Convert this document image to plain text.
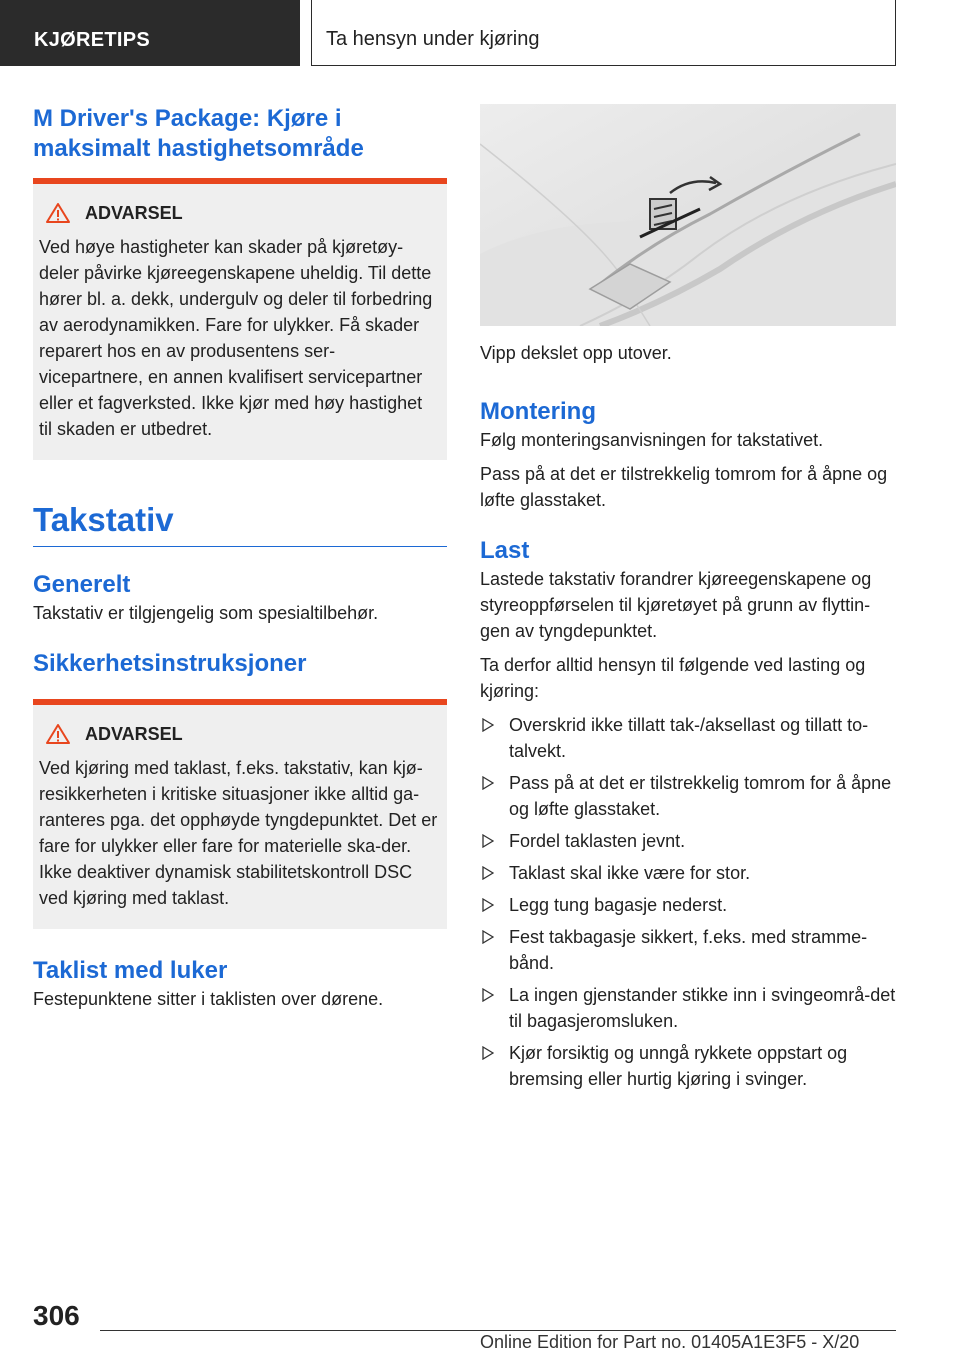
KJØRETIPS	Ta hensyn under kjøring
M Driver's Package: Kjøre i
maksimalt hastighetsområde
ADVARSEL

Ved høye hastigheter kan skader på kjøretøy-deler påvirke kjøreegenskapene uheldig. Til dette hører bl. a. dekk, undergulv og deler til forbedring av aerodynamikken. Fare for ulykker. Få skader reparert hos en av produsentens ser-vicepartnere, en annen kvalifisert servicepartner eller et fagverksted. Ikke kjør med høy hastighet til skaden er utbedret.

Takstativ
Generelt

Takstativ er tilgjengelig som spesialtilbehør.

Sikkerhetsinstruksjoner
ADVARSEL

Ved kjøring med taklast, f.eks. takstativ, kan kjø-resikkerheten i kritiske situasjoner ikke alltid ga-ranteres pga. det opphøyde tyngdepunktet. Det er fare for ulykker eller fare for materielle ska-der. Ikke deaktiver dynamisk stabilitetskontroll DSC ved kjøring med taklast.

Taklist med luker

Festepunktene sitter i taklisten over dørene.

Vipp dekslet opp utover.

Montering

Følg monteringsanvisningen for takstativet.

Pass på at det er tilstrekkelig tomrom for å åpne og løfte glasstaket.

Last

Lastede takstativ forandrer kjøreegenskapene og styreoppførselen til kjøretøyet på grunn av flyttin-gen av tyngdepunktet.

Ta derfor alltid hensyn til følgende ved lasting og kjøring:

Overskrid ikke tillatt tak-/aksellast og tillatt to-talvekt.
Pass på at det er tilstrekkelig tomrom for å åpne og løfte glasstaket.
Fordel taklasten jevnt.
Taklast skal ikke være for stor.
Legg tung bagasje nederst.
Fest takbagasje sikkert, f.eks. med stramme-bånd.
La ingen gjenstander stikke inn i svingeområ-det til bagasjeromsluken.
Kjør forsiktig og unngå rykkete oppstart og bremsing eller hurtig kjøring i svinger.
306
Online Edition for Part no. 01405A1E3F5 - X/20
